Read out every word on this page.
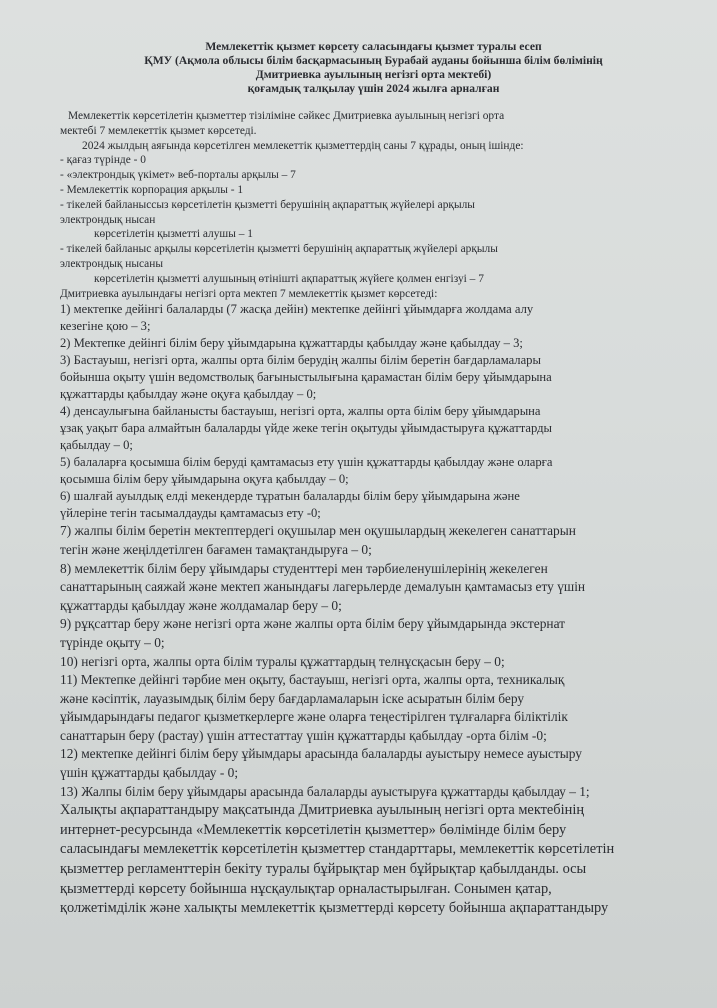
Мемлекеттік қызмет көрсету саласындағы қызмет туралы есеп
ҚМУ (Ақмола облысы білім басқармасының Бурабай ауданы бойынша білім бөлімінің
Дмитриевка ауылының негізгі орта мектебі)
қоғамдық талқылау үшін 2024 жылға арналған
Мемлекеттік көрсетілетін қызметтер тізіліміне сәйкес Дмитриевка ауылының негізгі орта
мектебі 7 мемлекеттік қызмет көрсетеді.
2024 жылдың аяғында көрсетілген мемлекеттік қызметтердің саны 7 құрады, оның ішінде:
- қағаз түрінде - 0
- «электрондық үкімет» веб-порталы арқылы – 7
- Мемлекеттік корпорация арқылы - 1
- тікелей байланыссыз көрсетілетін қызметті берушінің ақпараттық жүйелері арқылы
электрондық нысан
көрсетілетін қызметті алушы – 1
- тікелей байланыс арқылы көрсетілетін қызметті берушінің ақпараттық жүйелері арқылы
электрондық нысаны
көрсетілетін қызметті алушының өтінішті ақпараттық жүйеге қолмен енгізуі – 7
Дмитриевка ауылындағы негізгі орта мектеп 7 мемлекеттік қызмет көрсетеді:
1) мектепке дейінгі балаларды (7 жасқа дейін) мектепке дейінгі ұйымдарға жолдама алу
кезегіне қою – 3;
2) Мектепке дейінгі білім беру ұйымдарына құжаттарды қабылдау және қабылдау – 3;
3) Бастауыш, негізгі орта, жалпы орта білім берудің жалпы білім беретін бағдарламалары
бойынша оқыту үшін ведомстволық бағыныстылығына қарамастан білім беру ұйымдарына
құжаттарды қабылдау және оқуға қабылдау – 0;
4) денсаулығына байланысты бастауыш, негізгі орта, жалпы орта білім беру ұйымдарына
ұзақ уақыт бара алмайтын балаларды үйде жеке тегін оқытуды ұйымдастыруға құжаттарды
қабылдау – 0;
5) балаларға қосымша білім беруді қамтамасыз ету үшін құжаттарды қабылдау және оларға
қосымша білім беру ұйымдарына оқуға қабылдау – 0;
6) шалғай ауылдық елді мекендерде тұратын балаларды білім беру ұйымдарына және
үйлеріне тегін тасымалдауды қамтамасыз ету -0;
7) жалпы білім беретін мектептердегі оқушылар мен оқушылардың жекелеген санаттарын
тегін және жеңілдетілген бағамен тамақтандыруға – 0;
8) мемлекеттік білім беру ұйымдары студенттері мен тәрбиеленушілерінің жекелеген
санаттарының саяжай және мектеп жанындағы лагерьлерде демалуын қамтамасыз ету үшін
құжаттарды қабылдау және жолдамалар беру – 0;
9) рұқсаттар беру және негізгі орта және жалпы орта білім беру ұйымдарында экстернат
түрінде оқыту – 0;
10) негізгі орта, жалпы орта білім туралы құжаттардың телнұсқасын беру – 0;
11) Мектепке дейінгі тәрбие мен оқыту, бастауыш, негізгі орта, жалпы орта, техникалық
және кәсіптік, лауазымдық білім беру бағдарламаларын іске асыратын білім беру
ұйымдарындағы педагог қызметкерлерге және оларға теңестірілген тұлғаларға біліктілік
санаттарын беру (растау) үшін аттестаттау үшін құжаттарды қабылдау -орта білім -0;
12) мектепке дейінгі білім беру ұйымдары арасында балаларды ауыстыру немесе ауыстыру
үшін құжаттарды қабылдау - 0;
13) Жалпы білім беру ұйымдары арасында балаларды ауыстыруға құжаттарды қабылдау – 1;
Халықты ақпараттандыру мақсатында Дмитриевка ауылының негізгі орта мектебінің
интернет-ресурсында «Мемлекеттік көрсетілетін қызметтер» бөлімінде білім беру
саласындағы мемлекеттік көрсетілетін қызметтер стандарттары, мемлекеттік көрсетілетін
қызметтер регламенттерін бекіту туралы бұйрықтар мен бұйрықтар қабылданды. осы
қызметтерді көрсету бойынша нұсқаулықтар орналастырылған. Сонымен қатар,
қолжетімділік және халықты мемлекеттік қызметтерді көрсету бойынша ақпараттандыру
